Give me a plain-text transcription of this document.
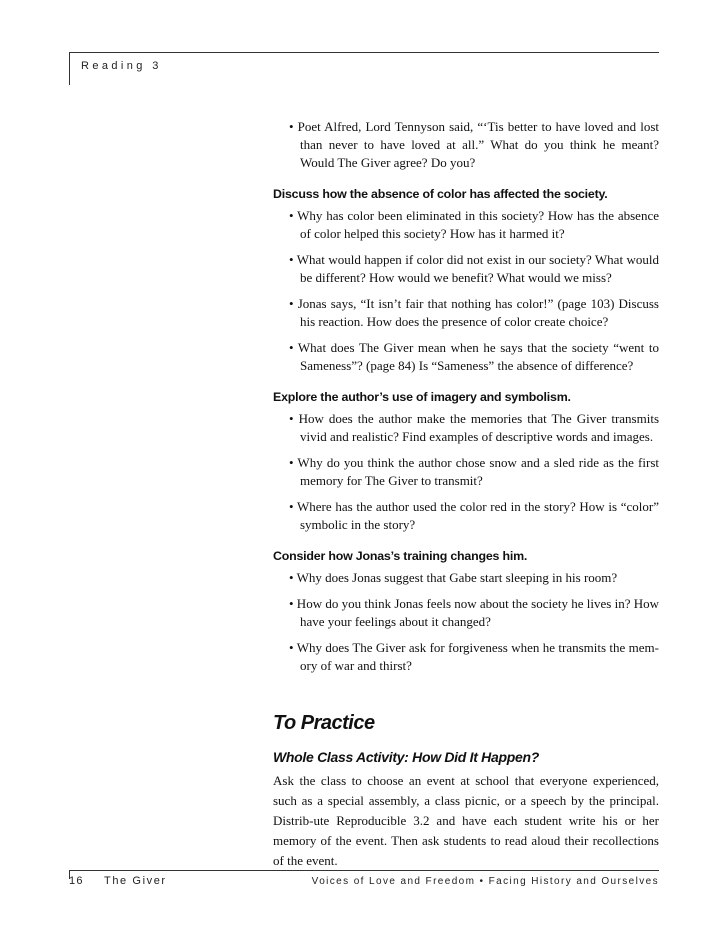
Reading 3

• Poet Alfred, Lord Tennyson said, “‘Tis better to have loved and lost than never to have loved at all.” What do you think he meant? Would The Giver agree? Do you?

Discuss how the absence of color has affected the society.

• Why has color been eliminated in this society? How has the absence of color helped this society? How has it harmed it?

• What would happen if color did not exist in our society? What would be different? How would we benefit? What would we miss?

• Jonas says, “It isn’t fair that nothing has color!” (page 103) Discuss his reaction. How does the presence of color create choice?

• What does The Giver mean when he says that the society “went to Sameness”? (page 84) Is “Sameness” the absence of difference?

Explore the author’s use of imagery and symbolism.

• How does the author make the memories that The Giver transmits vivid and realistic? Find examples of descriptive words and images.

• Why do you think the author chose snow and a sled ride as the first memory for The Giver to transmit?

• Where has the author used the color red in the story? How is “color” symbolic in the story?

Consider how Jonas’s training changes him.

• Why does Jonas suggest that Gabe start sleeping in his room?

• How do you think Jonas feels now about the society he lives in? How have your feelings about it changed?

• Why does The Giver ask for forgiveness when he transmits the mem-ory of war and thirst?

To Practice
Whole Class Activity: How Did It Happen?

Ask the class to choose an event at school that everyone experienced, such as a special assembly, a class picnic, or a speech by the principal. Distrib-ute Reproducible 3.2 and have each student write his or her memory of the event. Then ask students to read aloud their recollections of the event.

16 The Giver	Voices of Love and Freedom • Facing History and Ourselves
